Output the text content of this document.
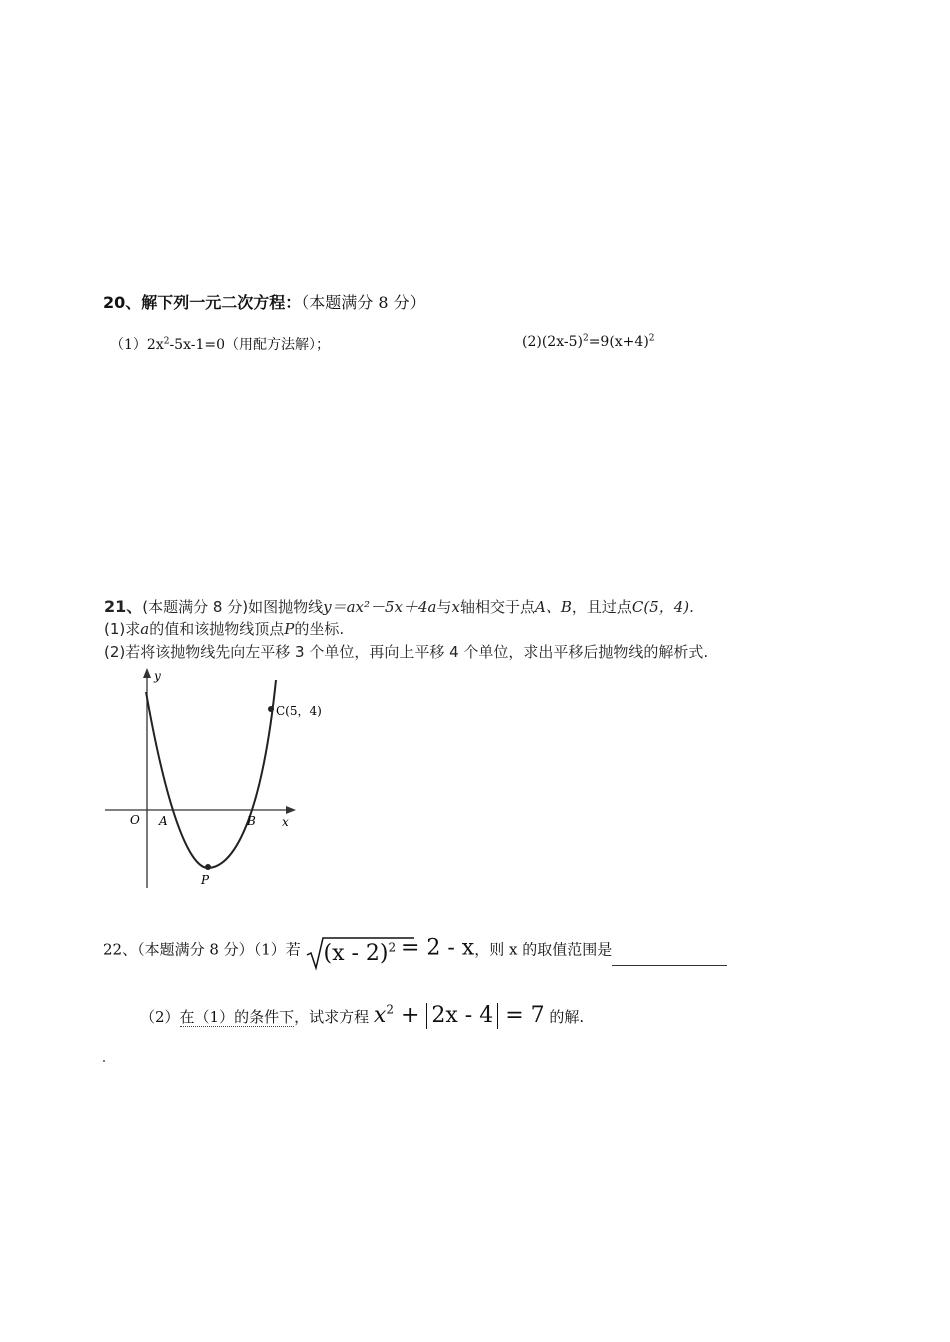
20、解下列一元二次方程：（本题满分 8 分）
$(1)2x^2-5x-1=0$（用配方法解）；	$(2)(2x-5)^2=9(x+4)^2$
21、(本题满分 8 分)如图抛物线y＝ax²－5x＋4a与x轴相交于点A、B，且过点C(5，4).
(1)求a的值和该抛物线顶点P的坐标.
(2)若将该抛物线先向左平移 3 个单位，再向上平移 4 个单位，求出平移后抛物线的解析式.
y
x
O A	B
P
C(5，4)
22、（本题满分 8 分）（1）若 (x - 2)$^2$ = 2 - x，则 x 的取值范围是
（2）在（1）的条件下，试求方程 $x^2 + 2x - 4 = 7$ 的解.
